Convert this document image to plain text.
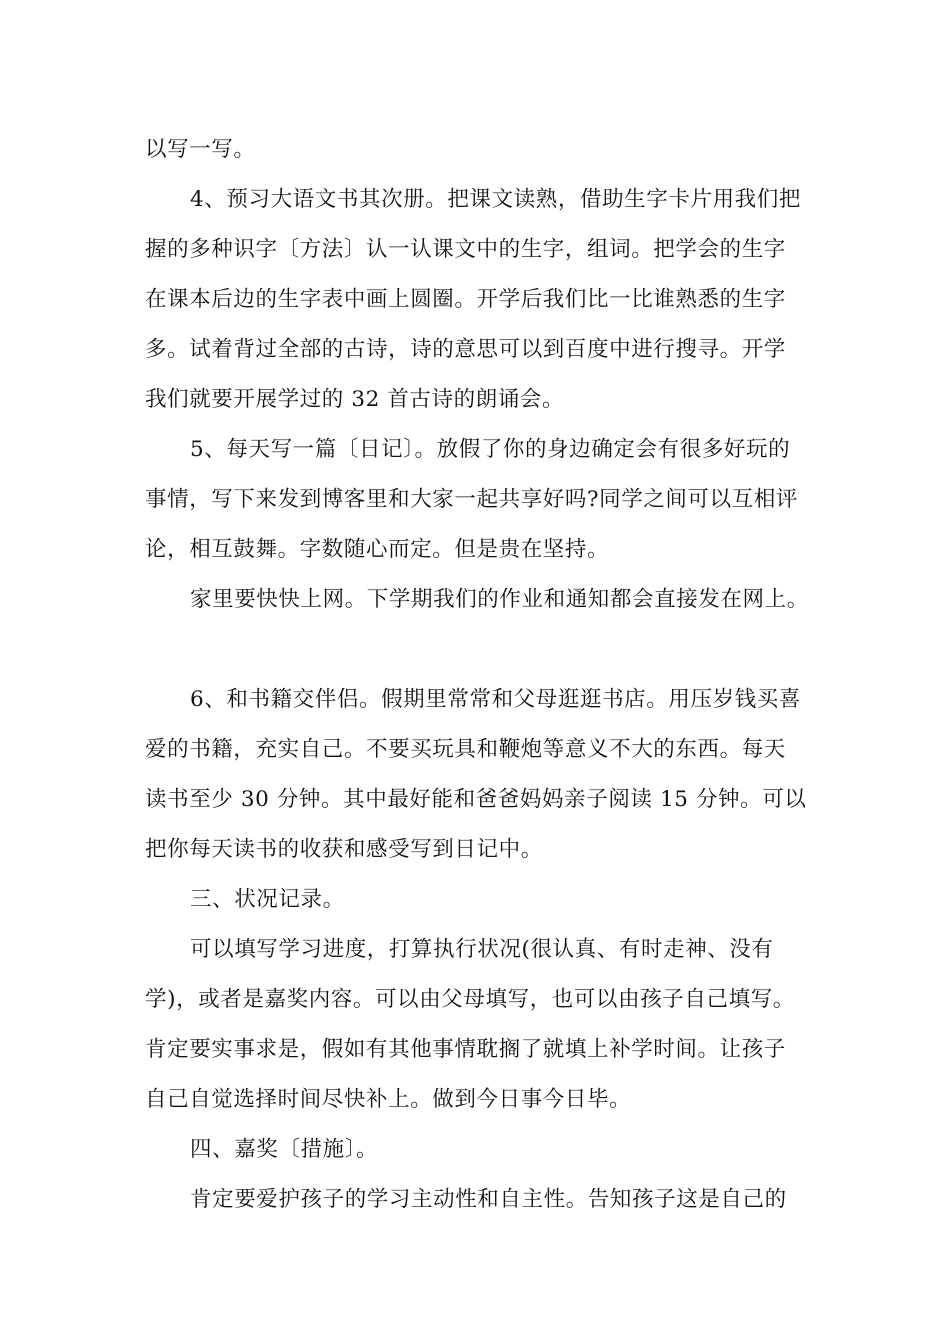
以写一写。
4、预习大语文书其次册。把课文读熟，借助生字卡片用我们把
握的多种识字〔方法〕认一认课文中的生字，组词。把学会的生字
在课本后边的生字表中画上圆圈。开学后我们比一比谁熟悉的生字
多。试着背过全部的古诗，诗的意思可以到百度中进行搜寻。开学
我们就要开展学过的 32 首古诗的朗诵会。
5、每天写一篇〔日记〕。放假了你的身边确定会有很多好玩的
事情，写下来发到博客里和大家一起共享好吗?同学之间可以互相评
论，相互鼓舞。字数随心而定。但是贵在坚持。
家里要快快上网。下学期我们的作业和通知都会直接发在网上。
6、和书籍交伴侣。假期里常常和父母逛逛书店。用压岁钱买喜
爱的书籍，充实自己。不要买玩具和鞭炮等意义不大的东西。每天
读书至少 30 分钟。其中最好能和爸爸妈妈亲子阅读 15 分钟。可以
把你每天读书的收获和感受写到日记中。
三、状况记录。
可以填写学习进度，打算执行状况(很认真、有时走神、没有
学)，或者是嘉奖内容。可以由父母填写，也可以由孩子自己填写。
肯定要实事求是，假如有其他事情耽搁了就填上补学时间。让孩子
自己自觉选择时间尽快补上。做到今日事今日毕。
四、嘉奖〔措施〕。
肯定要爱护孩子的学习主动性和自主性。告知孩子这是自己的
